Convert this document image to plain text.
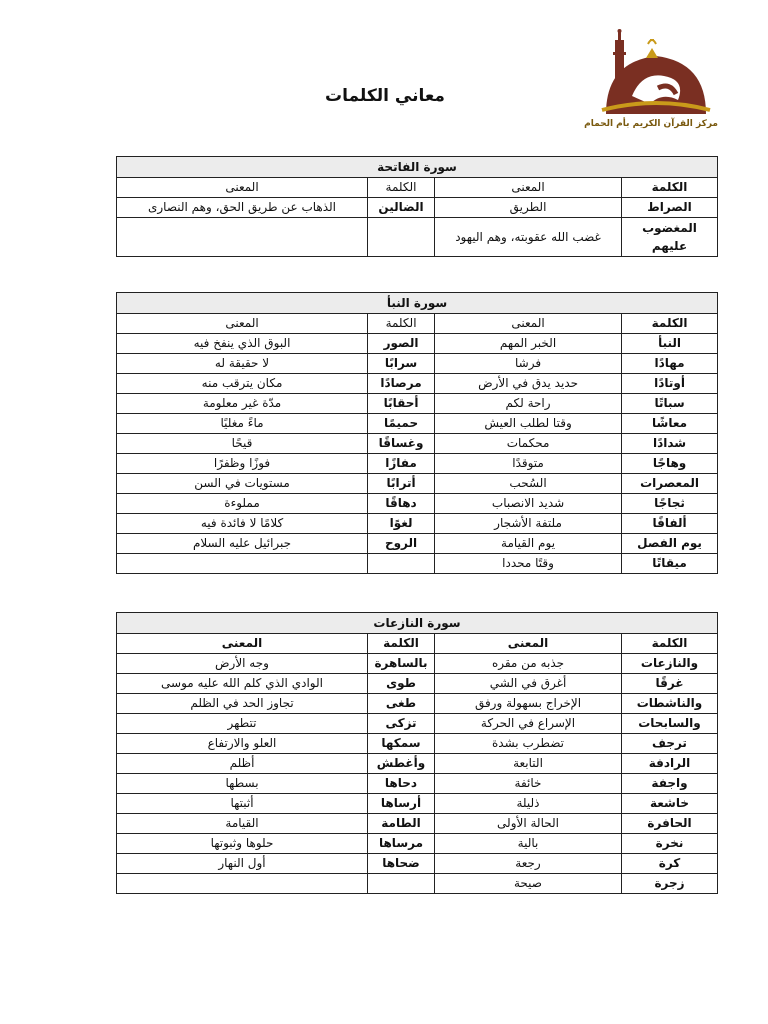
مركز القرآن الكريم بأم الحمام
معاني الكلمات
سورة الفاتحة			
الكلمة	المعنى	الكلمة	المعنى
الصراط	الطريق	الضالين	الذهاب عن طريق الحق، وهم النصارى
المغضوب عليهم	غضب الله عقوبته، وهم اليهود		
سورة النبأ			
الكلمة	المعنى	الكلمة	المعنى
النبأ	الخبر المهم	الصور	البوق الذي ينفخ فيه
مهادًا	فرشا	سرابًا	لا حقيقة له
أوتادًا	حديد يدق في الأرض	مرصادًا	مكان يترقب منه
سباتًا	راحة لكم	أحقابًا	مدّة غير معلومة
معاشًا	وقتا لطلب العيش	حميمًا	ماءً مغليًا
شدادًا	محكمات	وغساقًا	قيحًا
وهاجًا	متوقدًا	مفازًا	فوزًا وظفرًا
المعصرات	السُحب	أترابًا	مستويات في السن
ثجاجًا	شديد الانصباب	دهاقًا	مملوءة
ألفافًا	ملتفة الأشجار	لغوًا	كلامًا لا فائدة فيه
يوم الفصل	يوم القيامة	الروح	جبرائيل عليه السلام
ميقاتًا	وقتًا محددا		
سورة النازعات			
الكلمة	المعنى	الكلمة	المعنى
والنازعات	جذبه من مقره	بالساهرة	وجه الأرض
غرقًا	أغرق في الشي	طوى	الوادي الذي كلم الله عليه موسى
والناشطات	الإخراج بسهولة ورفق	طغى	تجاوز الحد في الظلم
والسابحات	الإسراع في الحركة	تزكى	تتطهر
ترجف	تضطرب بشدة	سمكها	العلو والارتفاع
الرادفة	التابعة	وأغطش	أظلم
واجفة	خائفة	دحاها	بسطها
خاشعة	ذليلة	أرساها	أثبتها
الحافرة	الحالة الأولى	الطامة	القيامة
نخرة	بالية	مرساها	حلوها وثبوتها
كرة	رجعة	ضحاها	أول النهار
زجرة	صيحة		
